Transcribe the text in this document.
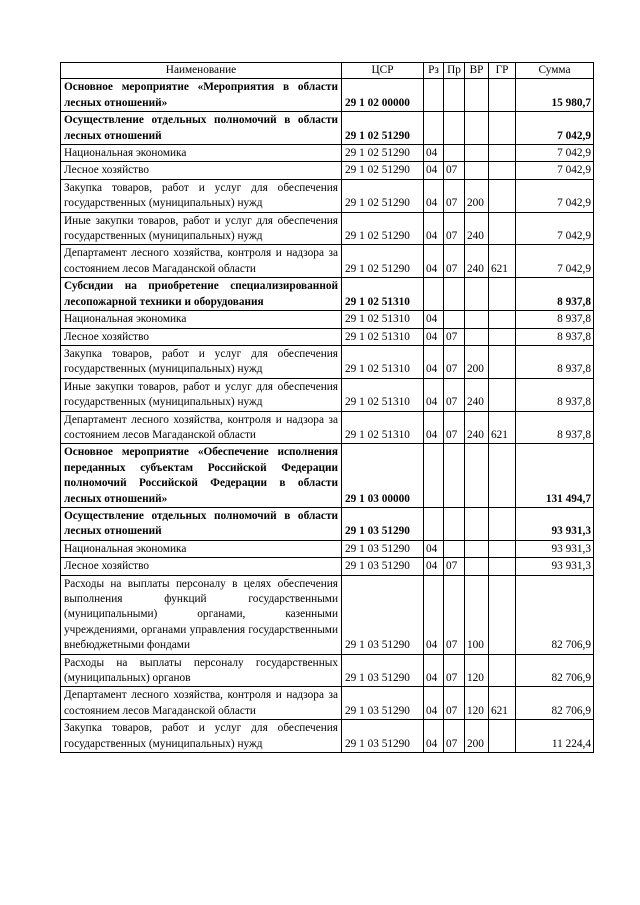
Наименование	ЦСР	Рз	Пр	ВР	ГР	Сумма
Основное мероприятие «Мероприятия в области лесных отношений»	29 1 02 00000					15 980,7
Осуществление отдельных полномочий в области лесных отношений	29 1 02 51290					7 042,9
Национальная экономика	29 1 02 51290	04				7 042,9
Лесное хозяйство	29 1 02 51290	04	07			7 042,9
Закупка товаров, работ и услуг для обеспечения государственных (муниципальных) нужд	29 1 02 51290	04	07	200		7 042,9
Иные закупки товаров, работ и услуг для обеспечения государственных (муниципальных) нужд	29 1 02 51290	04	07	240		7 042,9
Департамент лесного хозяйства, контроля и надзора за состоянием лесов Магаданской области	29 1 02 51290	04	07	240	621	7 042,9
Субсидии на приобретение специализированной лесопожарной техники и оборудования	29 1 02 51310					8 937,8
Национальная экономика	29 1 02 51310	04				8 937,8
Лесное хозяйство	29 1 02 51310	04	07			8 937,8
Закупка товаров, работ и услуг для обеспечения государственных (муниципальных) нужд	29 1 02 51310	04	07	200		8 937,8
Иные закупки товаров, работ и услуг для обеспечения государственных (муниципальных) нужд	29 1 02 51310	04	07	240		8 937,8
Департамент лесного хозяйства, контроля и надзора за состоянием лесов Магаданской области	29 1 02 51310	04	07	240	621	8 937,8
Основное мероприятие «Обеспечение исполнения переданных субъектам Российской Федерации полномочий Российской Федерации в области лесных отношений»	29 1 03 00000					131 494,7
Осуществление отдельных полномочий в области лесных отношений	29 1 03 51290					93 931,3
Национальная экономика	29 1 03 51290	04				93 931,3
Лесное хозяйство	29 1 03 51290	04	07			93 931,3
Расходы на выплаты персоналу в целях обеспечения выполнения функций государственными (муниципальными) органами, казенными учреждениями, органами управления государственными внебюджетными фондами	29 1 03 51290	04	07	100		82 706,9
Расходы на выплаты персоналу государственных (муниципальных) органов	29 1 03 51290	04	07	120		82 706,9
Департамент лесного хозяйства, контроля и надзора за состоянием лесов Магаданской области	29 1 03 51290	04	07	120	621	82 706,9
Закупка товаров, работ и услуг для обеспечения государственных (муниципальных) нужд	29 1 03 51290	04	07	200		11 224,4
